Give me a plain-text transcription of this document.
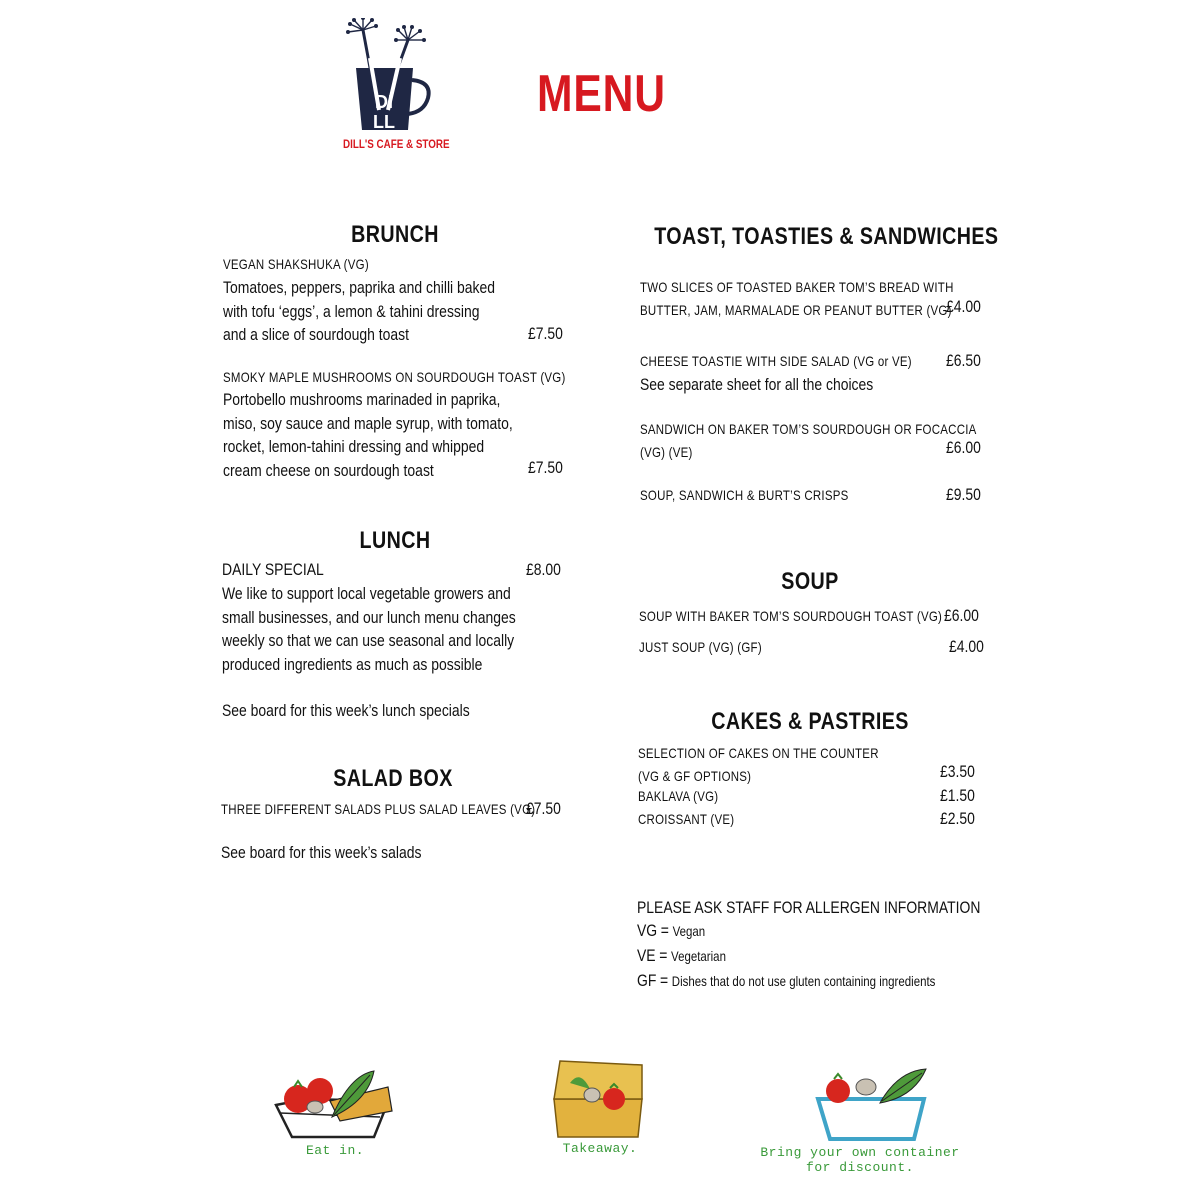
DI
LL
DILL'S CAFE & STORE
MENU
BRUNCH
VEGAN SHAKSHUKA (VG)
Tomatoes, peppers, paprika and chilli baked
with tofu ‘eggs’, a lemon & tahini dressing
and a slice of sourdough toast	£7.50
SMOKY MAPLE MUSHROOMS ON SOURDOUGH TOAST (VG)
Portobello mushrooms marinaded in paprika,
miso, soy sauce and maple syrup, with tomato,
rocket, lemon-tahini dressing and whipped
cream cheese on sourdough toast	£7.50
LUNCH
DAILY SPECIAL	£8.00
We like to support local vegetable growers and
small businesses, and our lunch menu changes
weekly so that we can use seasonal and locally
produced ingredients as much as possible
See board for this week’s lunch specials
SALAD BOX
THREE DIFFERENT SALADS PLUS SALAD LEAVES (VG)
£7.50
See board for this week’s salads
TOAST, TOASTIES & SANDWICHES
TWO SLICES OF TOASTED BAKER TOM’S BREAD WITH
BUTTER, JAM, MARMALADE OR PEANUT BUTTER (VG)
£4.00
CHEESE TOASTIE WITH SIDE SALAD (VG or VE) £6.50
See separate sheet for all the choices
SANDWICH ON BAKER TOM’S SOURDOUGH OR FOCACCIA
(VG) (VE)	£6.00
SOUP, SANDWICH & BURT’S CRISPS	£9.50
SOUP
SOUP WITH BAKER TOM’S SOURDOUGH TOAST (VG) £6.00
JUST SOUP (VG) (GF)	£4.00
CAKES & PASTRIES
SELECTION OF CAKES ON THE COUNTER
(VG & GF OPTIONS)	£3.50
BAKLAVA (VG)	£1.50
CROISSANT (VE)	£2.50
PLEASE ASK STAFF FOR ALLERGEN INFORMATION
VG = Vegan
VE = Vegetarian
GF = Dishes that do not use gluten containing ingredients
Eat in.	Takeaway.	Bring your own container
for discount.
